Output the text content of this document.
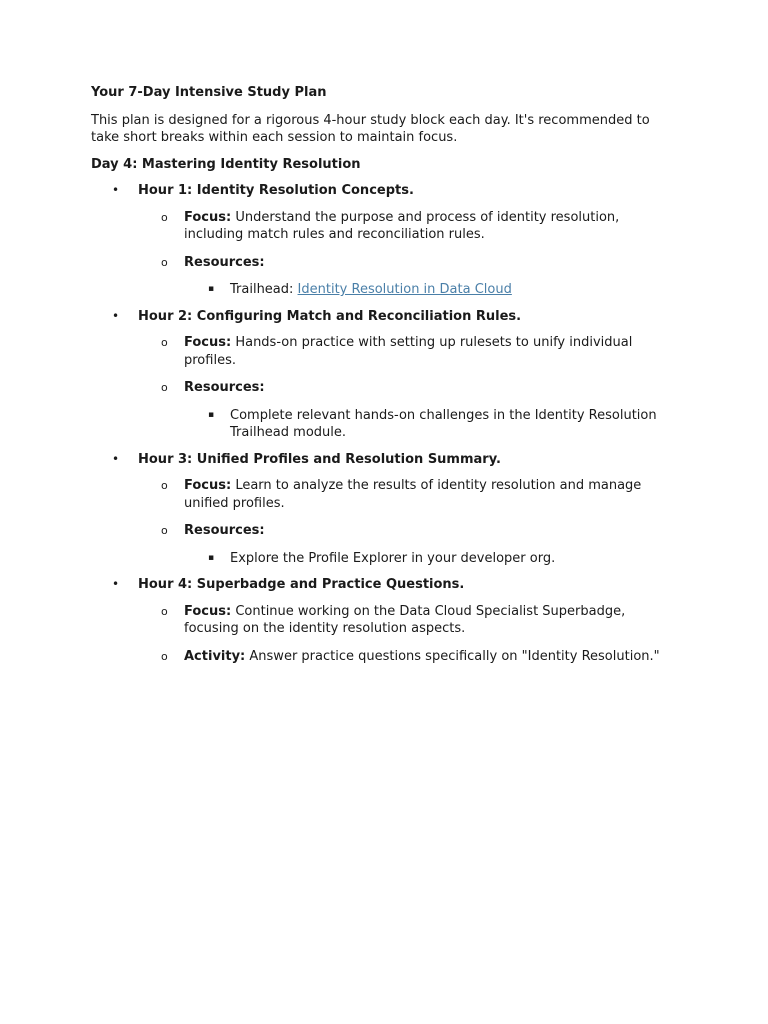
Your 7-Day Intensive Study Plan
This plan is designed for a rigorous 4-hour study block each day. It's recommended to take short breaks within each session to maintain focus.
Day 4: Mastering Identity Resolution
• Hour 1: Identity Resolution Concepts.
o Focus: Understand the purpose and process of identity resolution, including match rules and reconciliation rules.
o Resources:
▪ Trailhead: Identity Resolution in Data Cloud
• Hour 2: Configuring Match and Reconciliation Rules.
o Focus: Hands-on practice with setting up rulesets to unify individual profiles.
o Resources:
▪ Complete relevant hands-on challenges in the Identity Resolution Trailhead module.
• Hour 3: Unified Profiles and Resolution Summary.
o Focus: Learn to analyze the results of identity resolution and manage unified profiles.
o Resources:
▪ Explore the Profile Explorer in your developer org.
• Hour 4: Superbadge and Practice Questions.
o Focus: Continue working on the Data Cloud Specialist Superbadge, focusing on the identity resolution aspects.
o Activity: Answer practice questions specifically on "Identity Resolution."
